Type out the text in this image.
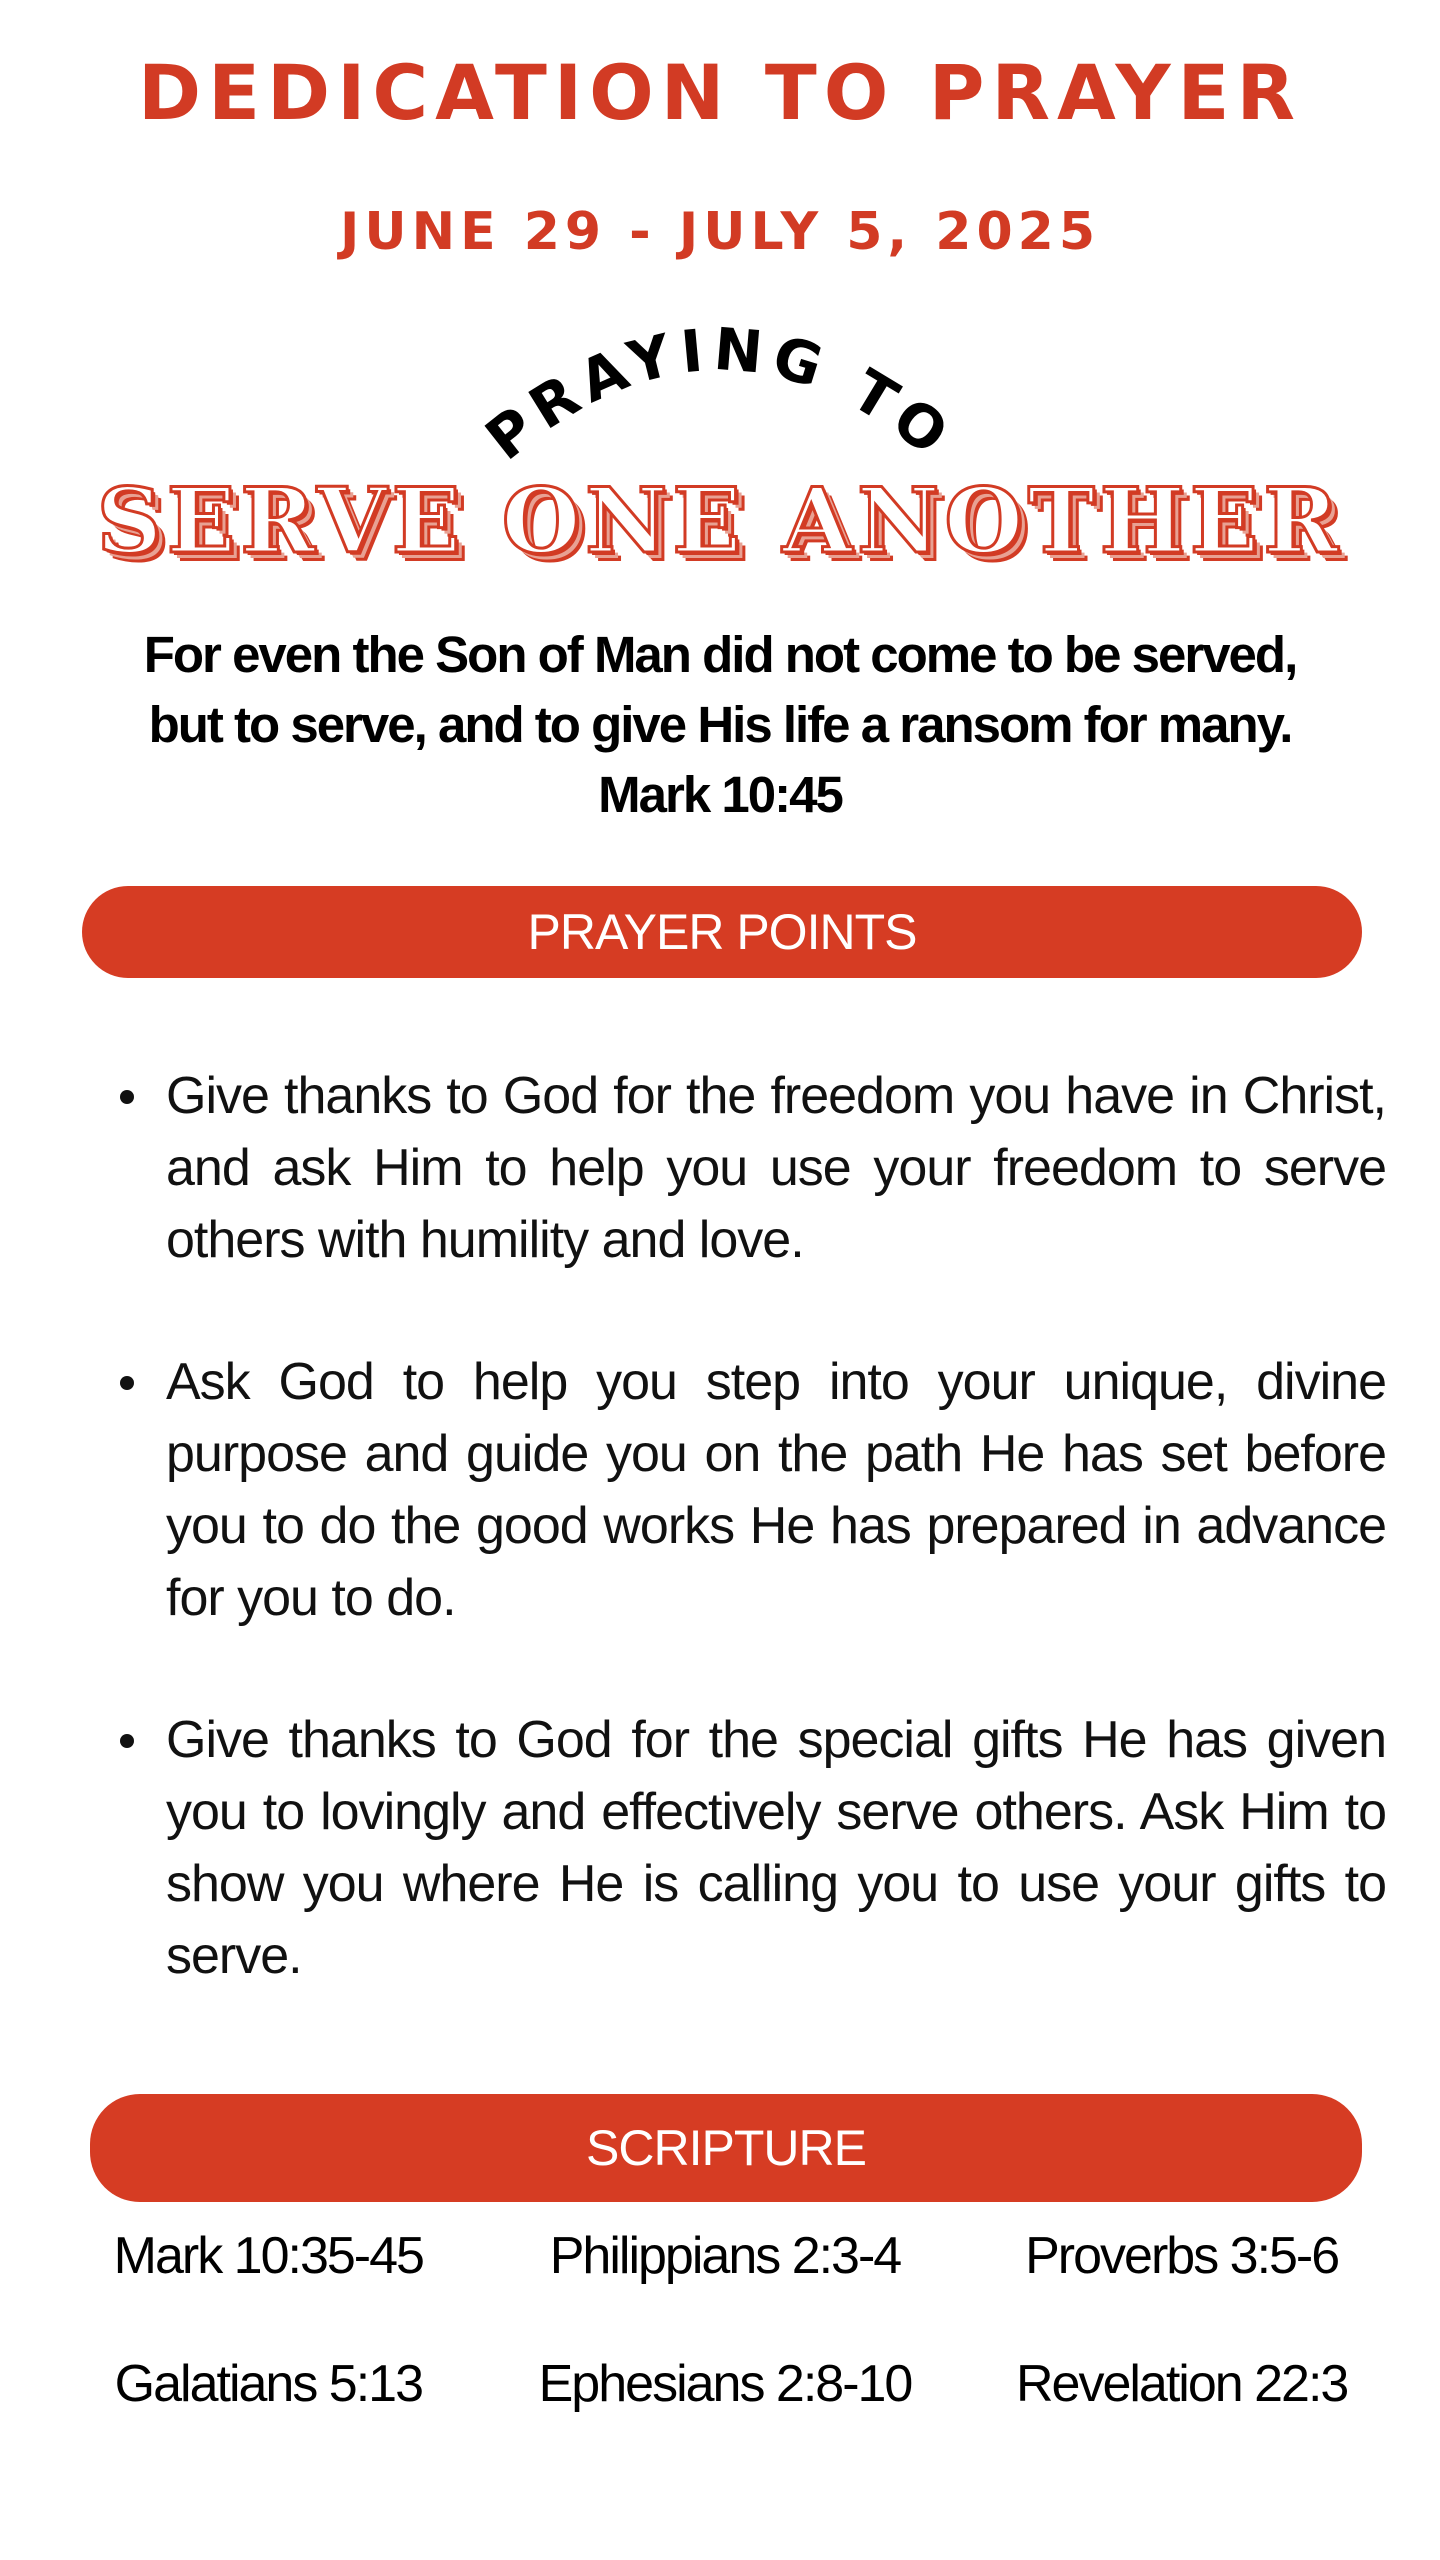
DEDICATION TO PRAYER
JUNE 29 - JULY 5, 2025
PRAYING TO
SERVE ONE ANOTHER
For even the Son of Man did not come to be served,
but to serve, and to give His life a ransom for many.
Mark 10:45
PRAYER POINTS
Give thanks to God for the freedom you have in Christ, and ask Him to help you use your freedom to serve others with humility and love.
Ask God to help you step into your unique, divine purpose and guide you on the path He has set before you to do the good works He has prepared in advance for you to do.
Give thanks to God for the special gifts He has given you to lovingly and effectively serve others. Ask Him to show you where He is calling you to use your gifts to serve.
SCRIPTURE
Mark 10:35-45	Philippians 2:3-4	Proverbs 3:5-6
Galatians 5:13	Ephesians 2:8-10	Revelation 22:3
